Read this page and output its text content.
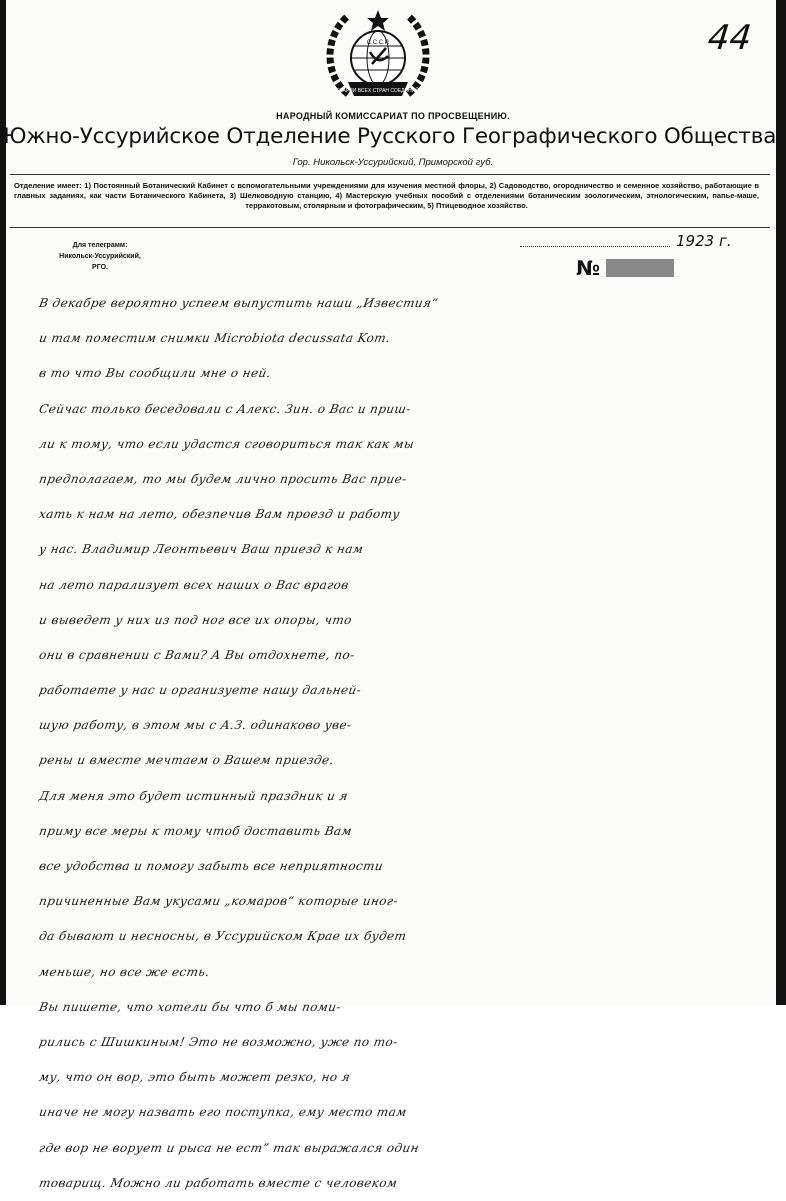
ПРОЛЕТАРИИ ВСЕХ СТРАН СОЕДИНЯЙТЕСЬ!
С.С.С.Р.	44
НАРОДНЫЙ КОМИССАРИАТ ПО ПРОСВЕЩЕНИЮ.
Южно-Уссурийское Отделение Русского Географического Общества.
Гор. Никольск-Уссурийский, Приморской губ.
Отделение имеет: 1) Постоянный Ботанический Кабинет с вспомогательными учреждениями для изучения местной флоры, 2) Садоводство, огородничество и семенное хозяйство, работающие в главных заданиях, как части Ботанического Кабинета, 3) Шелководную станцию, 4) Мастерскую учебных пособий с отделениями ботаническим зоологическим, этнологическим, папье-маше, терракотовым, столярным и фотографическим, 5) Птицеводное хозяйство.
Для телеграмм:
Никольск-Уссурийский,
РГО.
1923 г.
№
В декабре вероятно успеем выпустить наши „Известия“
и там поместим снимки Microbiota decussata Kom.
в то что Вы сообщили мне о ней.
Сейчас только беседовали с Алекс. Зин. о Вас и приш-
ли к тому, что если удастся сговориться так как мы
предполагаем, то мы будем лично просить Вас прие-
хать к нам на лето, обезпечив Вам проезд и работу
у нас. Владимир Леонтьевич Ваш приезд к нам
на лето парализует всех наших о Вас врагов
и выведет у них из под ног все их опоры, что
они в сравнении с Вами? А Вы отдохнете, по-
работаете у нас и организуете нашу дальней-
шую работу, в этом мы с А.З. одинаково уве-
рены и вместе мечтаем о Вашем приезде.
Для меня это будет истинный праздник и я
приму все меры к тому чтоб доставить Вам
все удобства и помогу забыть все неприятности
причиненные Вам укусами „комаров“ которые иног-
да бывают и несносны, в Уссурийском Крае их будет
меньше, но все же есть.
Вы пишете, что хотели бы что б мы поми-
рились с Шишкиным! Это не возможно, уже по то-
му, что он вор, это быть может резко, но я
иначе не могу назвать его поступка, ему место там
где вор не ворует и рыса не ест” так выражался один
товарищ. Можно ли работать вместе с человеком
